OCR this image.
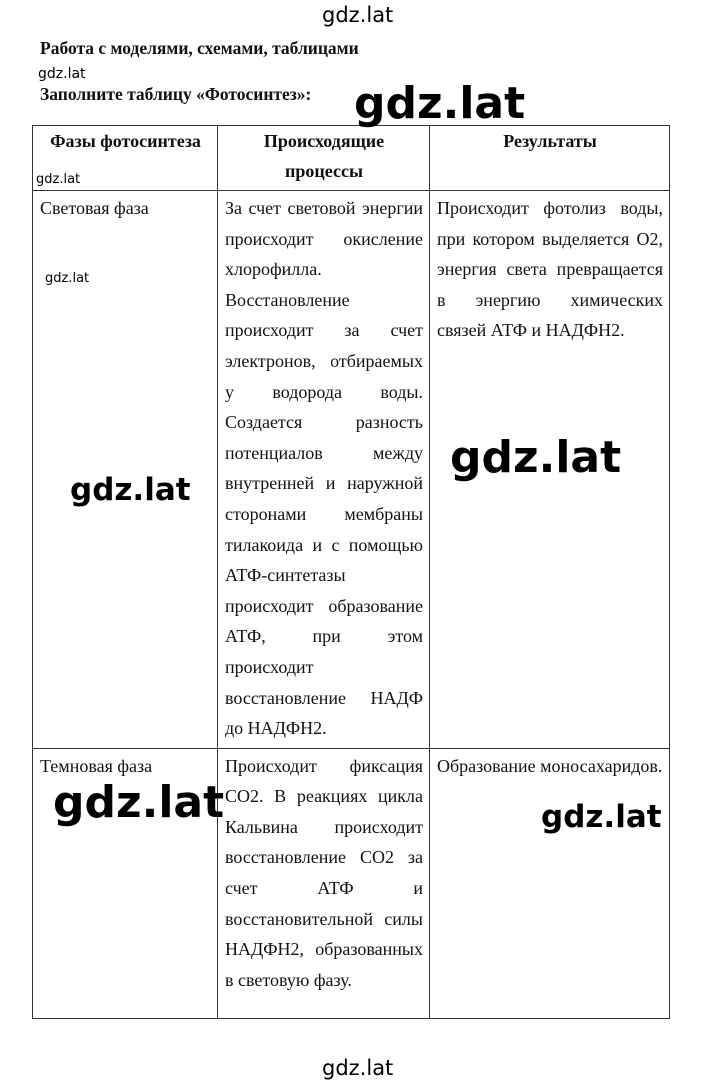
Работа с моделями, схемами, таблицами
Заполните таблицу «Фотосинтез»:
Фазы фотосинтеза	Происходящие процессы	Результаты
Световая фаза	За счет световой энергии происходит окисление хлорофилла. Восстановление происходит за счет электронов, отбираемых у водорода воды. Создается разность потенциалов между внутренней и наружной сторонами мембраны тилакоида и с помощью АТФ-синтетазы происходит образование АТФ, при этом происходит восстановление НАДФ до НАДФН2.	Происходит фотолиз воды, при котором выделяется О2, энергия света превращается в энергию химических связей АТФ и НАДФН2.
Темновая фаза	Происходит фиксация СО2. В реакциях цикла Кальвина происходит восстановление СО2 за счет АТФ и восстановительной силы НАДФН2, образованных в световую фазу.	Образование моносахаридов.
gdz.lat
gdz.lat
gdz.lat
gdz.lat
gdz.lat
gdz.lat
gdz.lat
gdz.lat	gdz.lat
gdz.lat
